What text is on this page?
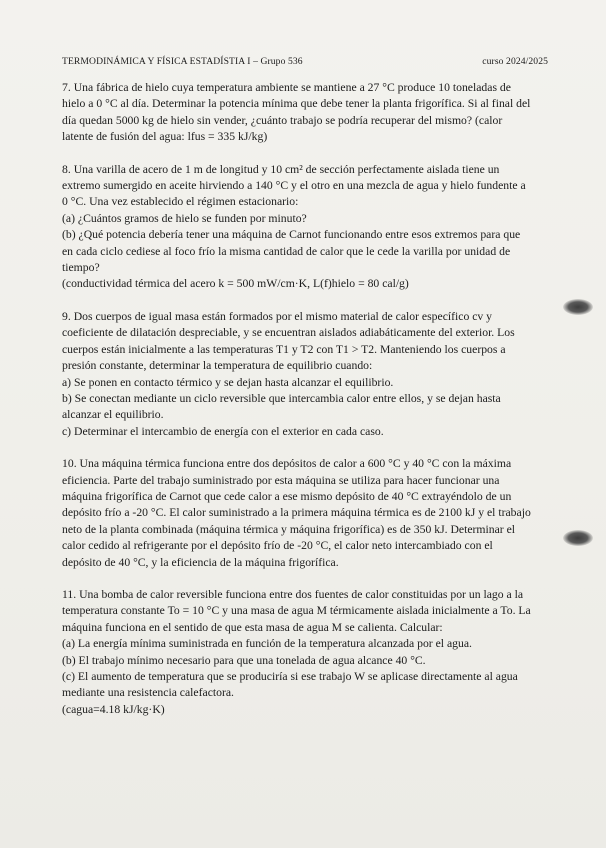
TERMODINÁMICA Y FÍSICA ESTADÍSTIA I – Grupo 536	curso 2024/2025
7. Una fábrica de hielo cuya temperatura ambiente se mantiene a 27 °C produce 10 toneladas de
hielo a 0 °C al día. Determinar la potencia mínima que debe tener la planta frigorífica. Si al final del
día quedan 5000 kg de hielo sin vender, ¿cuánto trabajo se podría recuperar del mismo? (calor
latente de fusión del agua: lfus = 335 kJ/kg)
8. Una varilla de acero de 1 m de longitud y 10 cm² de sección perfectamente aislada tiene un
extremo sumergido en aceite hirviendo a 140 °C y el otro en una mezcla de agua y hielo fundente a
0 °C. Una vez establecido el régimen estacionario:
(a) ¿Cuántos gramos de hielo se funden por minuto?
(b) ¿Qué potencia debería tener una máquina de Carnot funcionando entre esos extremos para que
en cada ciclo cediese al foco frío la misma cantidad de calor que le cede la varilla por unidad de
tiempo?
(conductividad térmica del acero k = 500 mW/cm·K, L(f)hielo = 80 cal/g)
9. Dos cuerpos de igual masa están formados por el mismo material de calor específico cv y
coeficiente de dilatación despreciable, y se encuentran aislados adiabáticamente del exterior. Los
cuerpos están inicialmente a las temperaturas T1 y T2 con T1 > T2. Manteniendo los cuerpos a
presión constante, determinar la temperatura de equilibrio cuando:
a) Se ponen en contacto térmico y se dejan hasta alcanzar el equilibrio.
b) Se conectan mediante un ciclo reversible que intercambia calor entre ellos, y se dejan hasta
alcanzar el equilibrio.
c) Determinar el intercambio de energía con el exterior en cada caso.
10. Una máquina térmica funciona entre dos depósitos de calor a 600 °C y 40 °C con la máxima
eficiencia. Parte del trabajo suministrado por esta máquina se utiliza para hacer funcionar una
máquina frigorífica de Carnot que cede calor a ese mismo depósito de 40 °C extrayéndolo de un
depósito frío a -20 °C. El calor suministrado a la primera máquina térmica es de 2100 kJ y el trabajo
neto de la planta combinada (máquina térmica y máquina frigorífica) es de 350 kJ. Determinar el
calor cedido al refrigerante por el depósito frío de -20 °C, el calor neto intercambiado con el
depósito de 40 °C, y la eficiencia de la máquina frigorífica.
11. Una bomba de calor reversible funciona entre dos fuentes de calor constituidas por un lago a la
temperatura constante To = 10 °C y una masa de agua M térmicamente aislada inicialmente a To. La
máquina funciona en el sentido de que esta masa de agua M se calienta. Calcular:
(a) La energía mínima suministrada en función de la temperatura alcanzada por el agua.
(b) El trabajo mínimo necesario para que una tonelada de agua alcance 40 °C.
(c) El aumento de temperatura que se produciría si ese trabajo W se aplicase directamente al agua
mediante una resistencia calefactora.
(cagua=4.18 kJ/kg·K)
